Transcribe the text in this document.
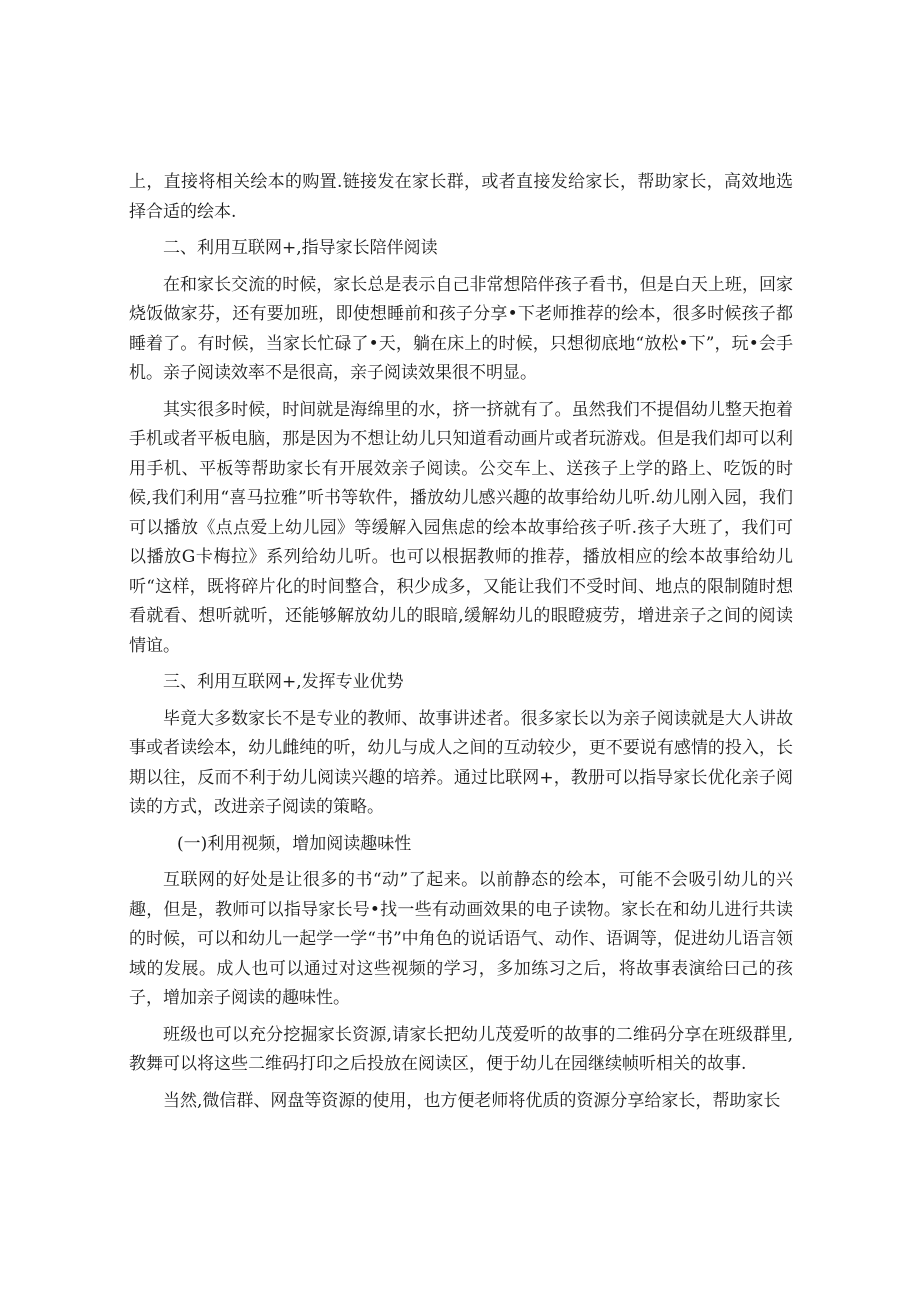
上，直接将相关绘本的购置.链接发在家长群，或者直接发给家长，帮助家长，高效地选择合适的绘本.

二、利用互联网+,指导家长陪伴阅读

在和家长交流的时候，家长总是表示自己非常想陪伴孩子看书，但是白天上班，回家烧饭做家芬，还有要加班，即使想睡前和孩子分享•下老师推荐的绘本，很多时候孩子都睡着了。有时候，当家长忙碌了•天，躺在床上的时候，只想彻底地“放松•下”，玩•会手机。亲子阅读效率不是很高，亲子阅读效果很不明显。

其实很多时候，时间就是海绵里的水，挤一挤就有了。虽然我们不提倡幼儿整天抱着手机或者平板电脑，那是因为不想让幼儿只知道看动画片或者玩游戏。但是我们却可以利用手机、平板等帮助家长有开展效亲子阅读。公交车上、送孩子上学的路上、吃饭的时候,我们利用“喜马拉雅”听书等软件，播放幼儿感兴趣的故事给幼儿听.幼儿刚入园，我们可以播放《点点爱上幼儿园》等缓解入园焦虑的绘本故事给孩子听.孩子大班了，我们可以播放G卡梅拉》系列给幼儿听。也可以根据教师的推荐，播放相应的绘本故事给幼儿听“这样，既将碎片化的时间整合，积少成多，又能让我们不受时间、地点的限制随时想看就看、想听就听，还能够解放幼儿的眼暗,缓解幼儿的眼瞪疲劳，增进亲子之间的阅读情谊。

三、利用互联网+,发挥专业优势

毕竟大多数家长不是专业的教师、故事讲述者。很多家长以为亲子阅读就是大人讲故事或者读绘本，幼儿雌纯的听，幼儿与成人之间的互动较少，更不要说有感情的投入，长期以往，反而不利于幼儿阅读兴趣的培养。通过比联网+，教册可以指导家长优化亲子阅读的方式，改进亲子阅读的策略。

(一)利用视频，增加阅读趣味性

互联网的好处是让很多的书“动”了起来。以前静态的绘本，可能不会吸引幼儿的兴趣，但是，教师可以指导家长号•找一些有动画效果的电子读物。家长在和幼儿进行共读的时候，可以和幼儿一起学一学“书”中角色的说话语气、动作、语调等，促进幼儿语言领域的发展。成人也可以通过对这些视频的学习，多加练习之后，将故事表演给曰己的孩子，增加亲子阅读的趣味性。

班级也可以充分挖掘家长资源,请家长把幼儿茂爱听的故事的二维码分享在班级群里,教舞可以将这些二维码打印之后投放在阅读区，便于幼儿在园继续帧听相关的故事.

当然,微信群、网盘等资源的使用，也方便老师将优质的资源分享给家长，帮助家长
